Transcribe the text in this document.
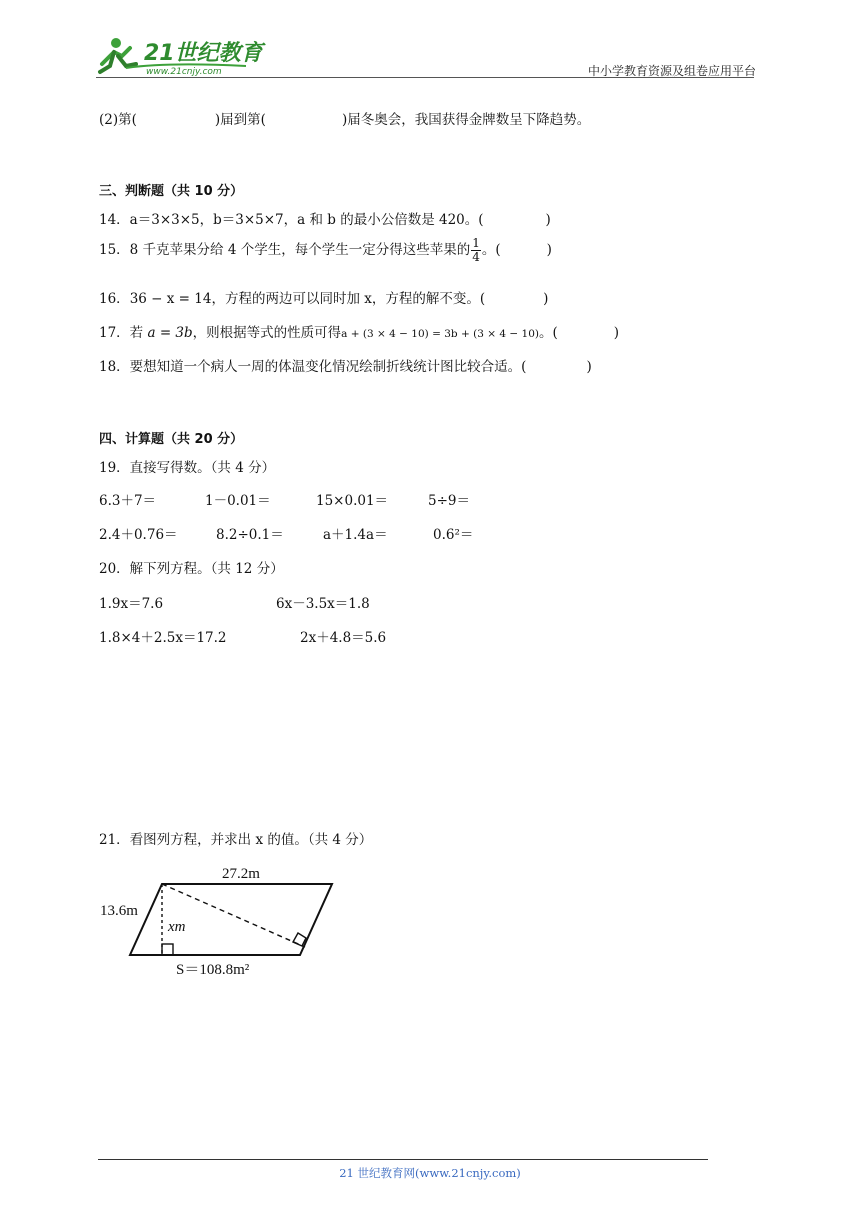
21世纪教育
www.21cnjy.com	中小学教育资源及组卷应用平台
(2)第(	)届到第(	)届冬奥会，我国获得金牌数呈下降趋势。
三、判断题（共 10 分）
14．a＝3×3×5，b＝3×5×7，a 和 b 的最小公倍数是 420。(	)
15．8 千克苹果分给 4 个学生，每个学生一定分得这些苹果的 $\frac{1}{4}$ 。(	)
16．36 − x = 14，方程的两边可以同时加 x，方程的解不变。(	)
17．若 a = 3b，则根据等式的性质可得a + (3 × 4 − 10) = 3b + (3 × 4 − 10)。(	)
18．要想知道一个病人一周的体温变化情况绘制折线统计图比较合适。(	)
四、计算题（共 20 分）
19．直接写得数。（共 4 分）
6.3＋7＝	1－0.01＝	15×0.01＝	5÷9＝
2.4＋0.76＝	8.2÷0.1＝	a＋1.4a＝	0.6²＝
20．解下列方程。（共 12 分）
1.9x＝7.6	6x－3.5x＝1.8
1.8×4＋2.5x＝17.2	2x＋4.8＝5.6
21．看图列方程，并求出 x 的值。（共 4 分）
27.2m
13.6m
xm
S＝108.8m²
21 世纪教育网(www.21cnjy.com)
